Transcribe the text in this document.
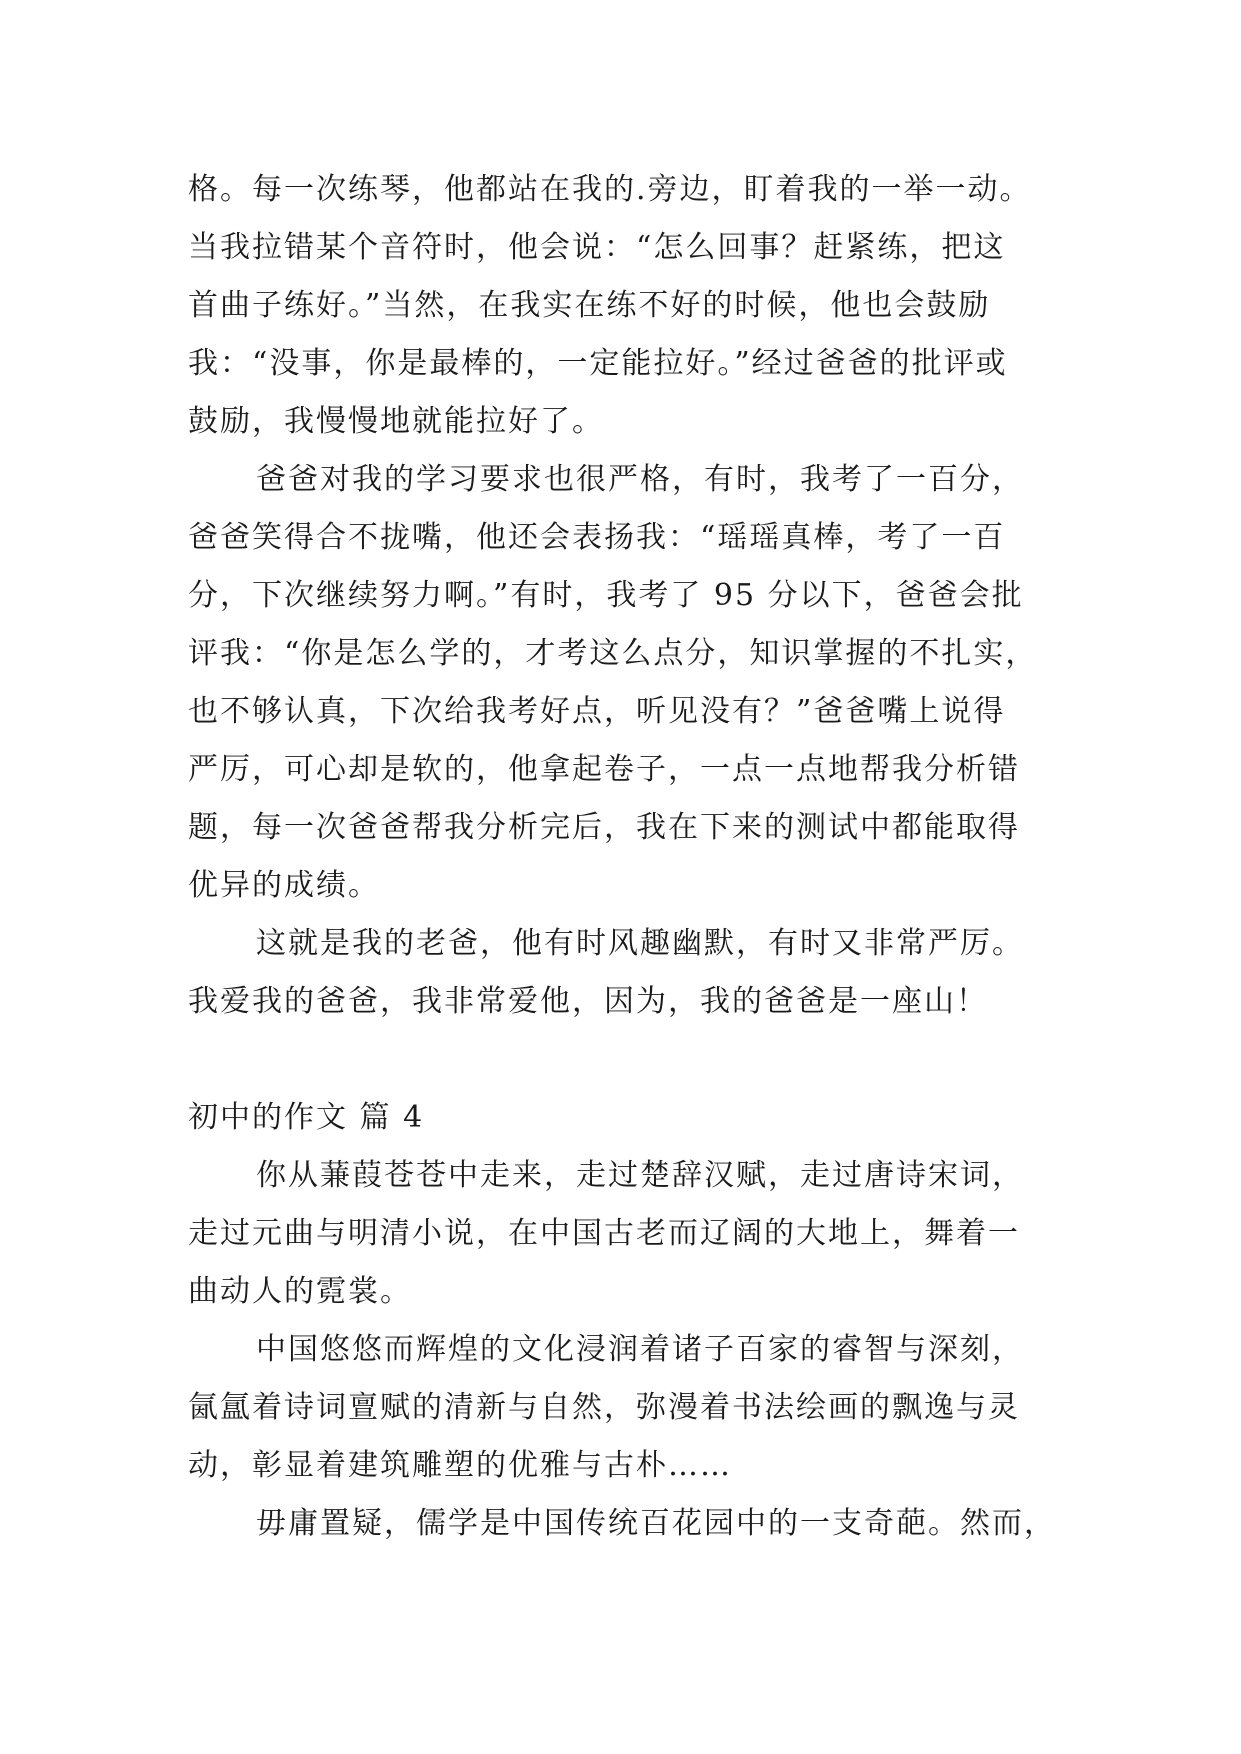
格。每一次练琴，他都站在我的.旁边，盯着我的一举一动。
当我拉错某个音符时，他会说：“怎么回事？赶紧练，把这
首曲子练好。”当然，在我实在练不好的时候，他也会鼓励
我：“没事，你是最棒的，一定能拉好。”经过爸爸的批评或
鼓励，我慢慢地就能拉好了。
爸爸对我的学习要求也很严格，有时，我考了一百分，
爸爸笑得合不拢嘴，他还会表扬我：“瑶瑶真棒，考了一百
分，下次继续努力啊。”有时，我考了 95 分以下，爸爸会批
评我：“你是怎么学的，才考这么点分，知识掌握的不扎实，
也不够认真，下次给我考好点，听见没有？”爸爸嘴上说得
严厉，可心却是软的，他拿起卷子，一点一点地帮我分析错
题，每一次爸爸帮我分析完后，我在下来的测试中都能取得
优异的成绩。
这就是我的老爸，他有时风趣幽默，有时又非常严厉。
我爱我的爸爸，我非常爱他，因为，我的爸爸是一座山！
初中的作文 篇 4
你从蒹葭苍苍中走来，走过楚辞汉赋，走过唐诗宋词，
走过元曲与明清小说，在中国古老而辽阔的大地上，舞着一
曲动人的霓裳。
中国悠悠而辉煌的文化浸润着诸子百家的睿智与深刻，
氤氲着诗词亶赋的清新与自然，弥漫着书法绘画的飘逸与灵
动，彰显着建筑雕塑的优雅与古朴……
毋庸置疑，儒学是中国传统百花园中的一支奇葩。然而，
